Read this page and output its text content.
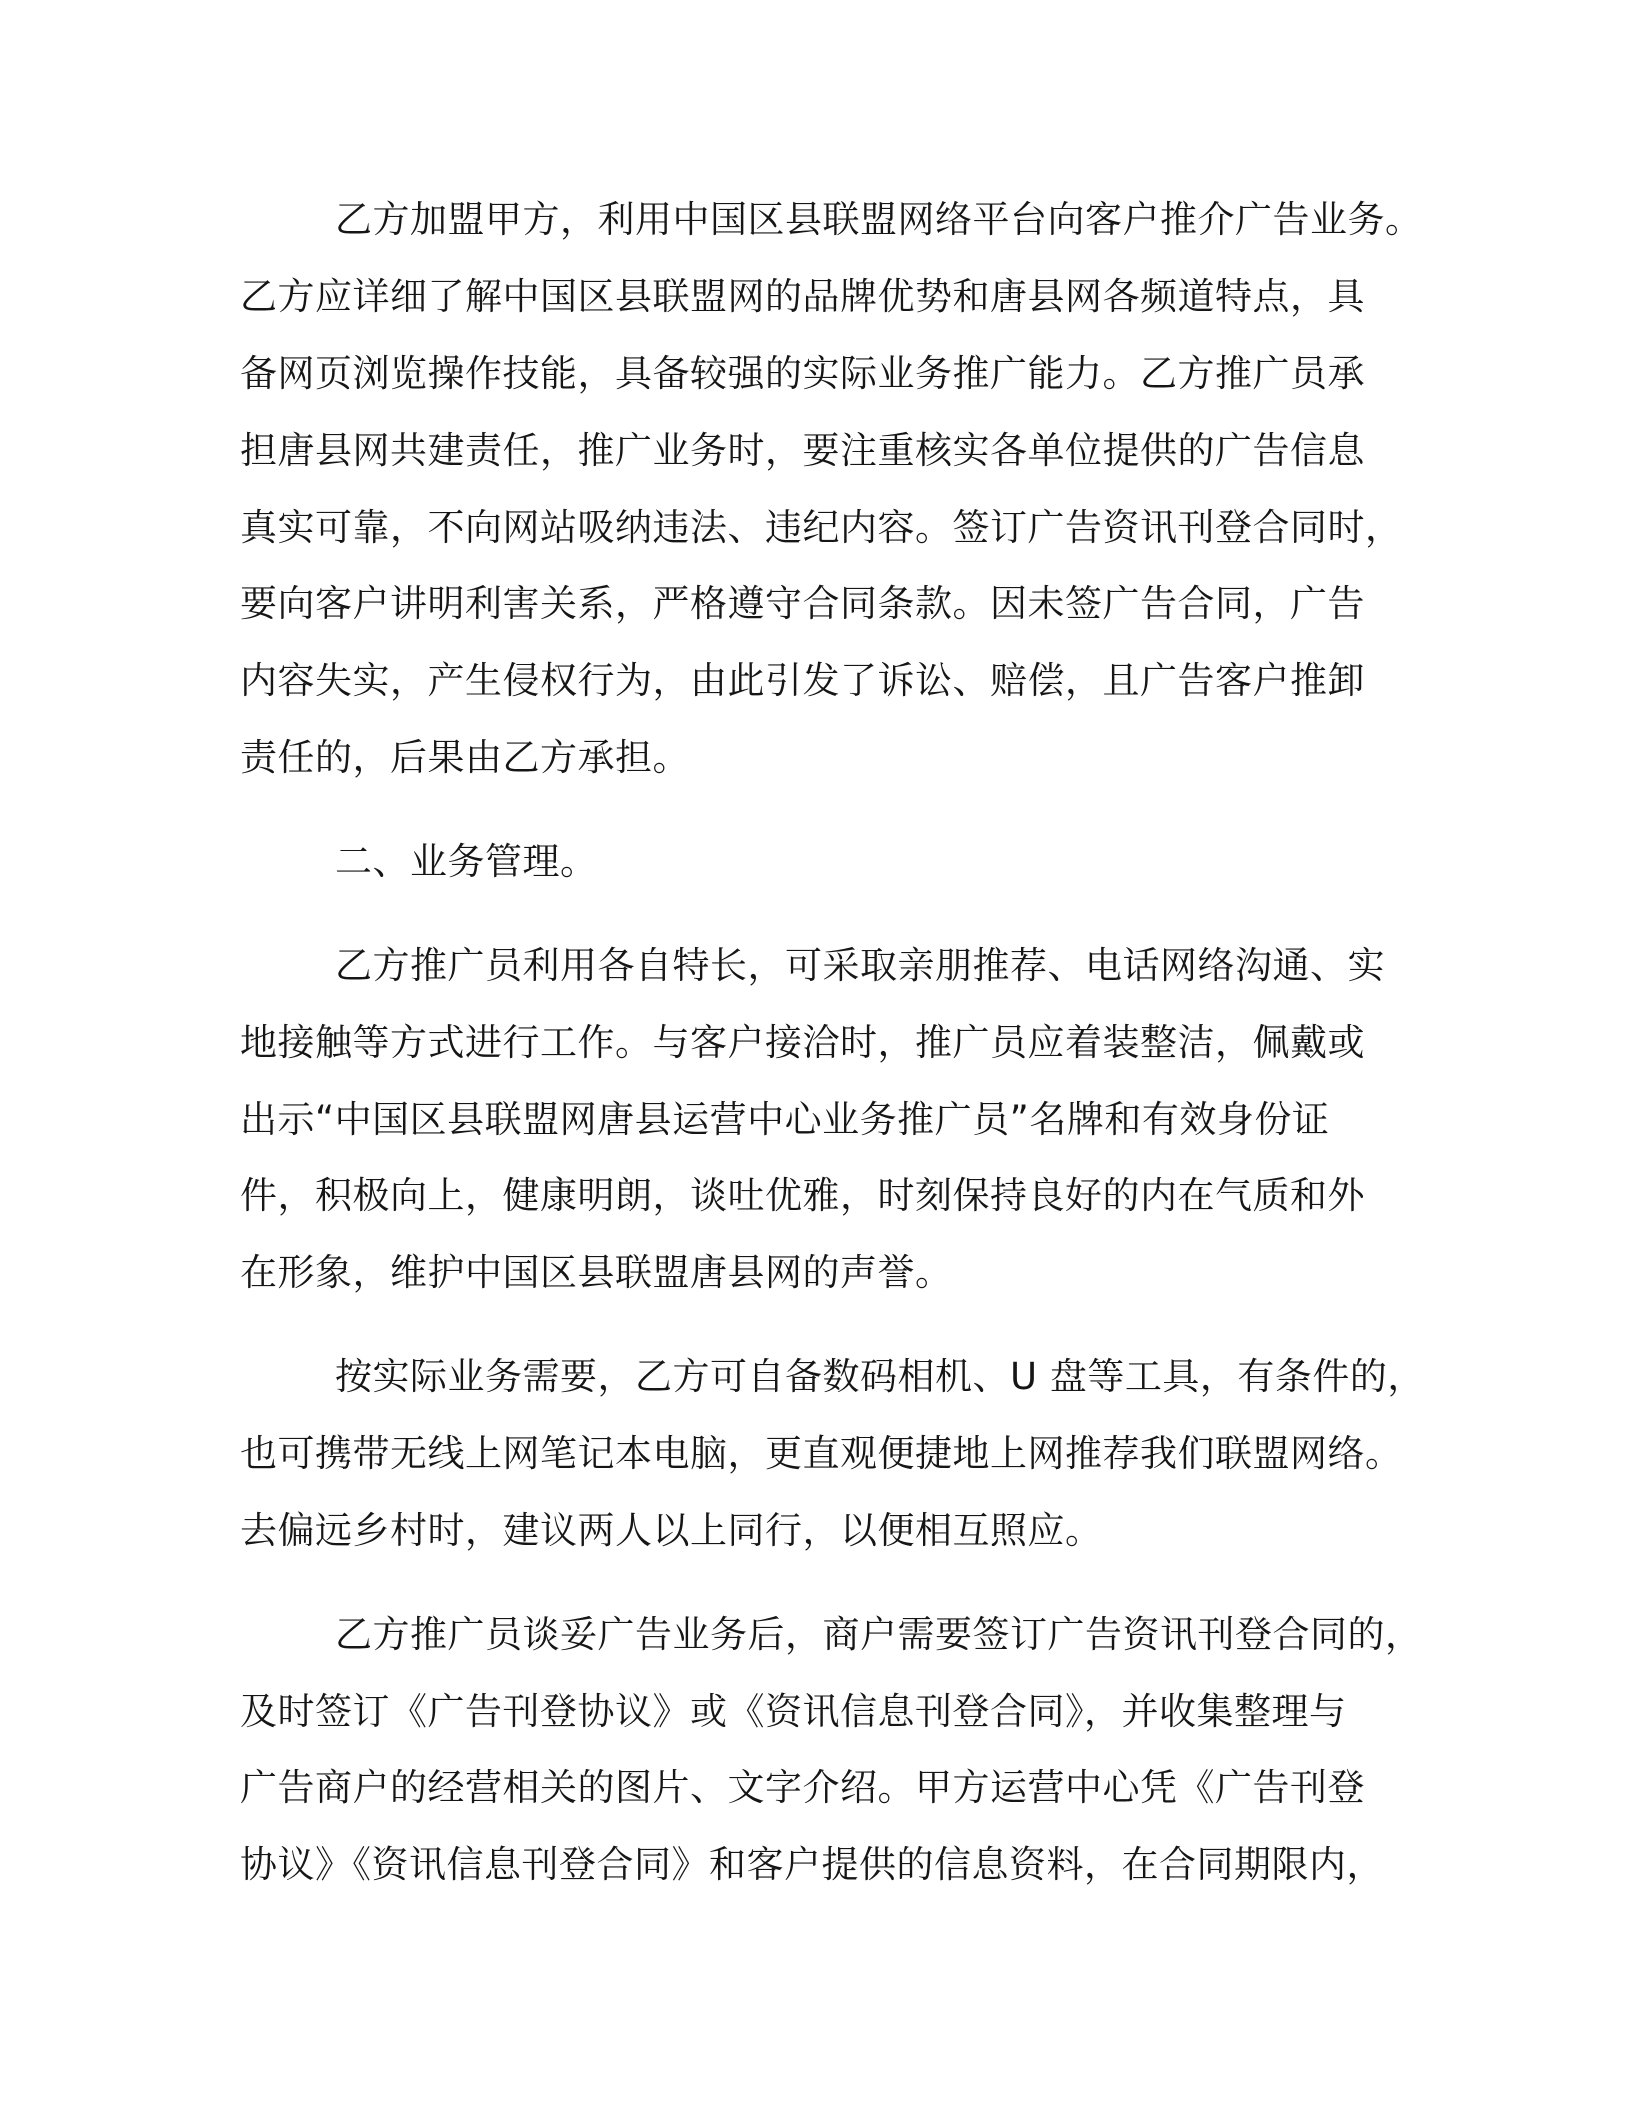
乙方加盟甲方，利用中国区县联盟网络平台向客户推介广告业务。

乙方应详细了解中国区县联盟网的品牌优势和唐县网各频道特点，具

备网页浏览操作技能，具备较强的实际业务推广能力。乙方推广员承

担唐县网共建责任，推广业务时，要注重核实各单位提供的广告信息

真实可靠，不向网站吸纳违法、违纪内容。签订广告资讯刊登合同时，

要向客户讲明利害关系，严格遵守合同条款。因未签广告合同，广告

内容失实，产生侵权行为，由此引发了诉讼、赔偿，且广告客户推卸

责任的，后果由乙方承担。

二、业务管理。

乙方推广员利用各自特长，可采取亲朋推荐、电话网络沟通、实

地接触等方式进行工作。与客户接洽时，推广员应着装整洁，佩戴或

出示“中国区县联盟网唐县运营中心业务推广员”名牌和有效身份证

件，积极向上，健康明朗，谈吐优雅，时刻保持良好的内在气质和外

在形象，维护中国区县联盟唐县网的声誉。

按实际业务需要，乙方可自备数码相机、U 盘等工具，有条件的，

也可携带无线上网笔记本电脑，更直观便捷地上网推荐我们联盟网络。

去偏远乡村时，建议两人以上同行，以便相互照应。

乙方推广员谈妥广告业务后，商户需要签订广告资讯刊登合同的，

及时签订《广告刊登协议》或《资讯信息刊登合同》，并收集整理与

广告商户的经营相关的图片、文字介绍。甲方运营中心凭《广告刊登

协议》《资讯信息刊登合同》和客户提供的信息资料，在合同期限内，
